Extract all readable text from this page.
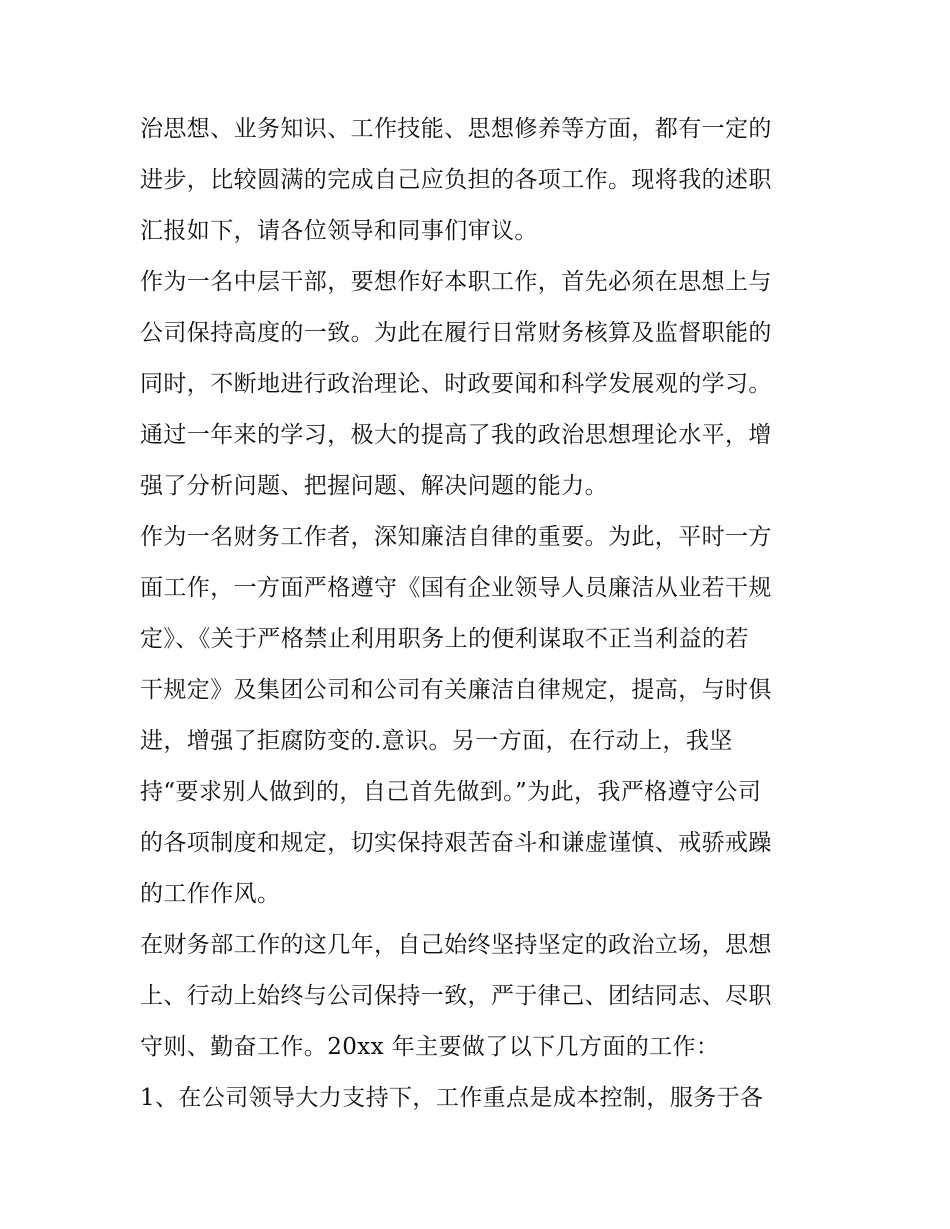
治思想、业务知识、工作技能、思想修养等方面，都有一定的
进步，比较圆满的完成自己应负担的各项工作。现将我的述职
汇报如下，请各位领导和同事们审议。
作为一名中层干部，要想作好本职工作，首先必须在思想上与
公司保持高度的一致。为此在履行日常财务核算及监督职能的
同时，不断地进行政治理论、时政要闻和科学发展观的学习。
通过一年来的学习，极大的提高了我的政治思想理论水平，增
强了分析问题、把握问题、解决问题的能力。
作为一名财务工作者，深知廉洁自律的重要。为此，平时一方
面工作，一方面严格遵守《国有企业领导人员廉洁从业若干规
定》、《关于严格禁止利用职务上的便利谋取不正当利益的若
干规定》及集团公司和公司有关廉洁自律规定，提高，与时俱
进，增强了拒腐防变的.意识。另一方面，在行动上，我坚
持“要求别人做到的，自己首先做到。”为此，我严格遵守公司
的各项制度和规定，切实保持艰苦奋斗和谦虚谨慎、戒骄戒躁
的工作作风。
在财务部工作的这几年，自己始终坚持坚定的政治立场，思想
上、行动上始终与公司保持一致，严于律己、团结同志、尽职
守则、勤奋工作。20xx 年主要做了以下几方面的工作：
1、在公司领导大力支持下，工作重点是成本控制，服务于各
